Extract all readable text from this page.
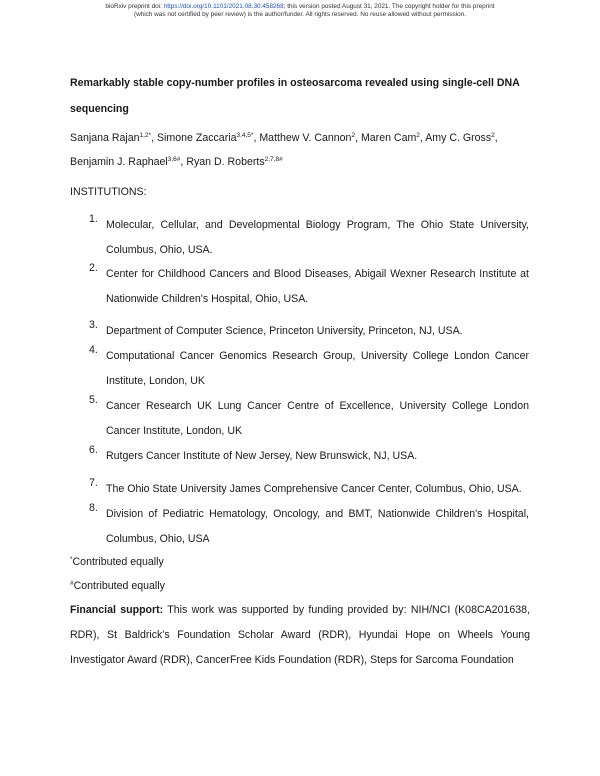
bioRxiv preprint doi: https://doi.org/10.1101/2021.08.30.458268; this version posted August 31, 2021. The copyright holder for this preprint
(which was not certified by peer review) is the author/funder. All rights reserved. No reuse allowed without permission.
Remarkably stable copy-number profiles in osteosarcoma revealed using single-cell DNA sequencing
Sanjana Rajan$^{1,2*}$, Simone Zaccaria$^{3,4,5*}$, Matthew V. Cannon$^2$, Maren Cam$^2$, Amy C. Gross$^2$,
Benjamin J. Raphael$^{3,6\#}$, Ryan D. Roberts$^{2,7,8\#}$
INSTITUTIONS:
1. Molecular, Cellular, and Developmental Biology Program, The Ohio State University, Columbus, Ohio, USA.
2. Center for Childhood Cancers and Blood Diseases, Abigail Wexner Research Institute at Nationwide Children's Hospital, Ohio, USA.
3. Department of Computer Science, Princeton University, Princeton, NJ, USA.
4. Computational Cancer Genomics Research Group, University College London Cancer Institute, London, UK
5. Cancer Research UK Lung Cancer Centre of Excellence, University College London Cancer Institute, London, UK
6. Rutgers Cancer Institute of New Jersey, New Brunswick, NJ, USA.
7. The Ohio State University James Comprehensive Cancer Center, Columbus, Ohio, USA.
8. Division of Pediatric Hematology, Oncology, and BMT, Nationwide Children's Hospital, Columbus, Ohio, USA
*Contributed equally
#Contributed equally
Financial support: This work was supported by funding provided by: NIH/NCI (K08CA201638, RDR), St Baldrick's Foundation Scholar Award (RDR), Hyundai Hope on Wheels Young Investigator Award (RDR), CancerFree Kids Foundation (RDR), Steps for Sarcoma Foundation
